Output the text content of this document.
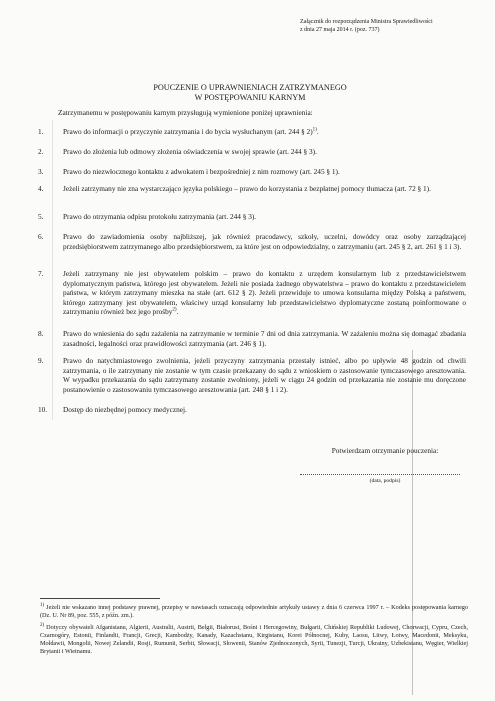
Załącznik do rozporządzenia Ministra Sprawiedliwości
z dnia 27 maja 2014 r. (poz. 737)
POUCZENIE O UPRAWNIENIACH ZATRZYMANEGO
W POSTĘPOWANIU KARNYM
Zatrzymanemu w postępowaniu karnym przysługują wymienione poniżej uprawnienia:
1.	Prawo do informacji o przyczynie zatrzymania i do bycia wysłuchanym (art. 244 § 2)$^{1)}$.
2.	Prawo do złożenia lub odmowy złożenia oświadczenia w swojej sprawie (art. 244 § 3).
3.	Prawo do niezwłocznego kontaktu z adwokatem i bezpośredniej z nim rozmowy (art. 245 § 1).
4.	Jeżeli zatrzymany nie zna wystarczająco języka polskiego – prawo do korzystania z bezpłatnej pomocy tłumacza (art. 72 § 1).
5.	Prawo do otrzymania odpisu protokołu zatrzymania (art. 244 § 3).
6.	Prawo do zawiadomienia osoby najbliższej, jak również pracodawcy, szkoły, uczelni, dowódcy oraz osoby zarządzającej przedsiębiorstwem zatrzymanego albo przedsiębiorstwem, za które jest on odpowiedzialny, o zatrzymaniu (art. 245 § 2, art. 261 § 1 i 3).
7.	Jeżeli zatrzymany nie jest obywatelem polskim – prawo do kontaktu z urzędem konsularnym lub z przedstawicielstwem dyplomatycznym państwa, którego jest obywatelem. Jeżeli nie posiada żadnego obywatelstwa – prawo do kontaktu z przedstawicielem państwa, w którym zatrzymany mieszka na stałe (art. 612 § 2). Jeżeli przewiduje to umowa konsularna między Polską a państwem, którego zatrzymany jest obywatelem, właściwy urząd konsularny lub przedstawicielstwo dyplomatyczne zostaną poinformowane o zatrzymaniu również bez jego prośby$^{2)}$.
8.	Prawo do wniesienia do sądu zażalenia na zatrzymanie w terminie 7 dni od dnia zatrzymania. W zażaleniu można się domagać zbadania zasadności, legalności oraz prawidłowości zatrzymania (art. 246 § 1).
9.	Prawo do natychmiastowego zwolnienia, jeżeli przyczyny zatrzymania przestały istnieć, albo po upływie 48 godzin od chwili zatrzymania, o ile zatrzymany nie zostanie w tym czasie przekazany do sądu z wnioskiem o zastosowanie tymczasowego aresztowania. W wypadku przekazania do sądu zatrzymany zostanie zwolniony, jeżeli w ciągu 24 godzin od przekazania nie zostanie mu doręczone postanowienie o zastosowaniu tymczasowego aresztowania (art. 248 § 1 i 2).
10.	Dostęp do niezbędnej pomocy medycznej.
Potwierdzam otrzymanie pouczenia:
(data, podpis)
$^{1)}$ Jeżeli nie wskazano innej podstawy prawnej, przepisy w nawiasach oznaczają odpowiednie artykuły ustawy z dnia 6 czerwca 1997 r. – Kodeks postępowania karnego (Dz. U. Nr 89, poz. 555, z późn. zm.).
$^{2)}$ Dotyczy obywateli Afganistanu, Algierii, Australii, Austrii, Belgii, Białorusi, Bośni i Hercegowiny, Bułgarii, Chińskiej Republiki Ludowej, Chorwacji, Cypru, Czech, Czarnogóry, Estonii, Finlandii, Francji, Grecji, Kambodży, Kanady, Kazachstanu, Kirgistanu, Korei Północnej, Kuby, Laosu, Litwy, Łotwy, Macedonii, Meksyku, Mołdawii, Mongolii, Nowej Zelandii, Rosji, Rumunii, Serbii, Słowacji, Słowenii, Stanów Zjednoczonych, Syrii, Tunezji, Turcji, Ukrainy, Uzbekistanu, Węgier, Wielkiej Brytanii i Wietnamu.
